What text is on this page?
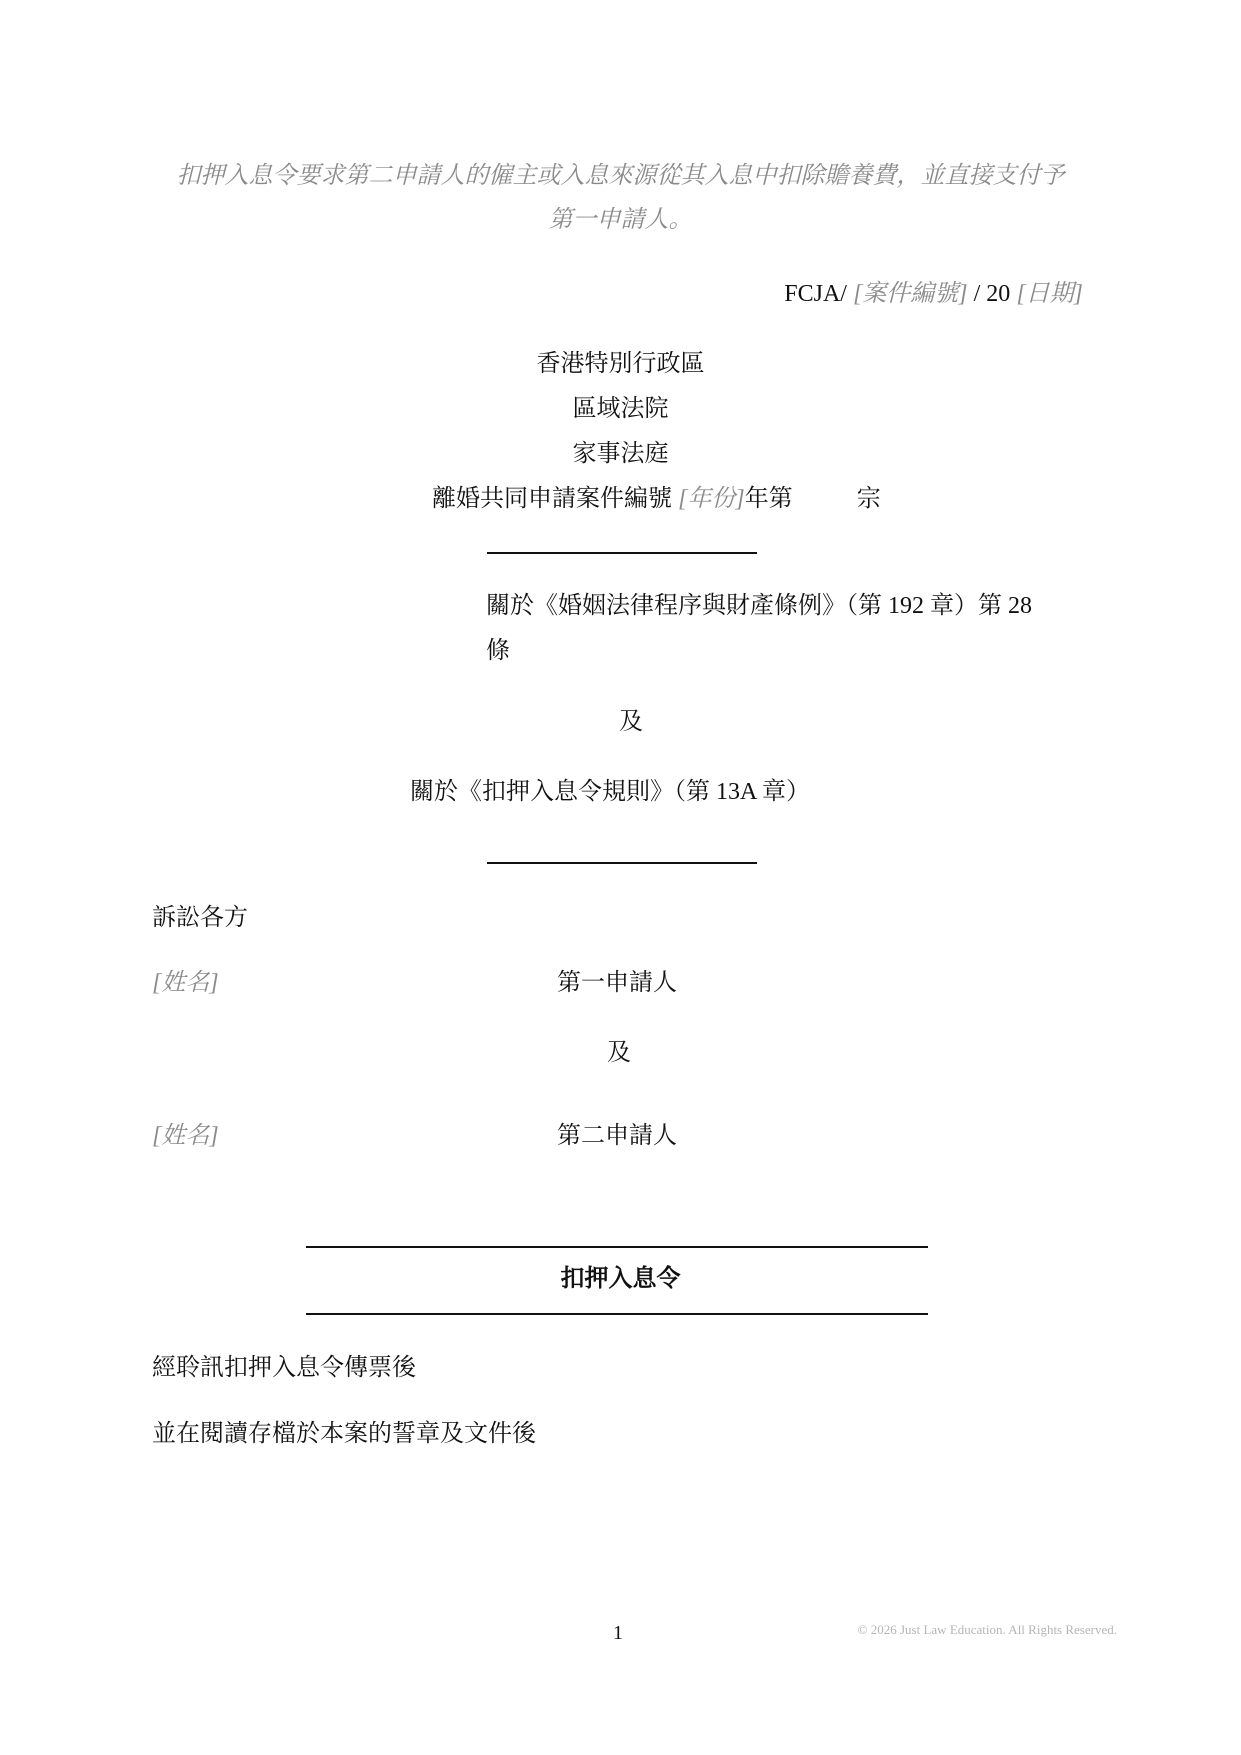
扣押入息令要求第二申請人的僱主或入息來源從其入息中扣除贍養費，並直接支付予
第一申請人。
FCJA/ [案件編號] / 20 [日期]
香港特別行政區
區域法院
家事法庭
離婚共同申請案件編號 [年份]年第	宗
關於《婚姻法律程序與財產條例》（第 192 章）第 28
條
及
關於《扣押入息令規則》（第 13A 章）
訴訟各方
[姓名]	第一申請人
及
[姓名]	第二申請人
扣押入息令
經聆訊扣押入息令傳票後
並在閱讀存檔於本案的誓章及文件後
1	© 2026 Just Law Education. All Rights Reserved.
